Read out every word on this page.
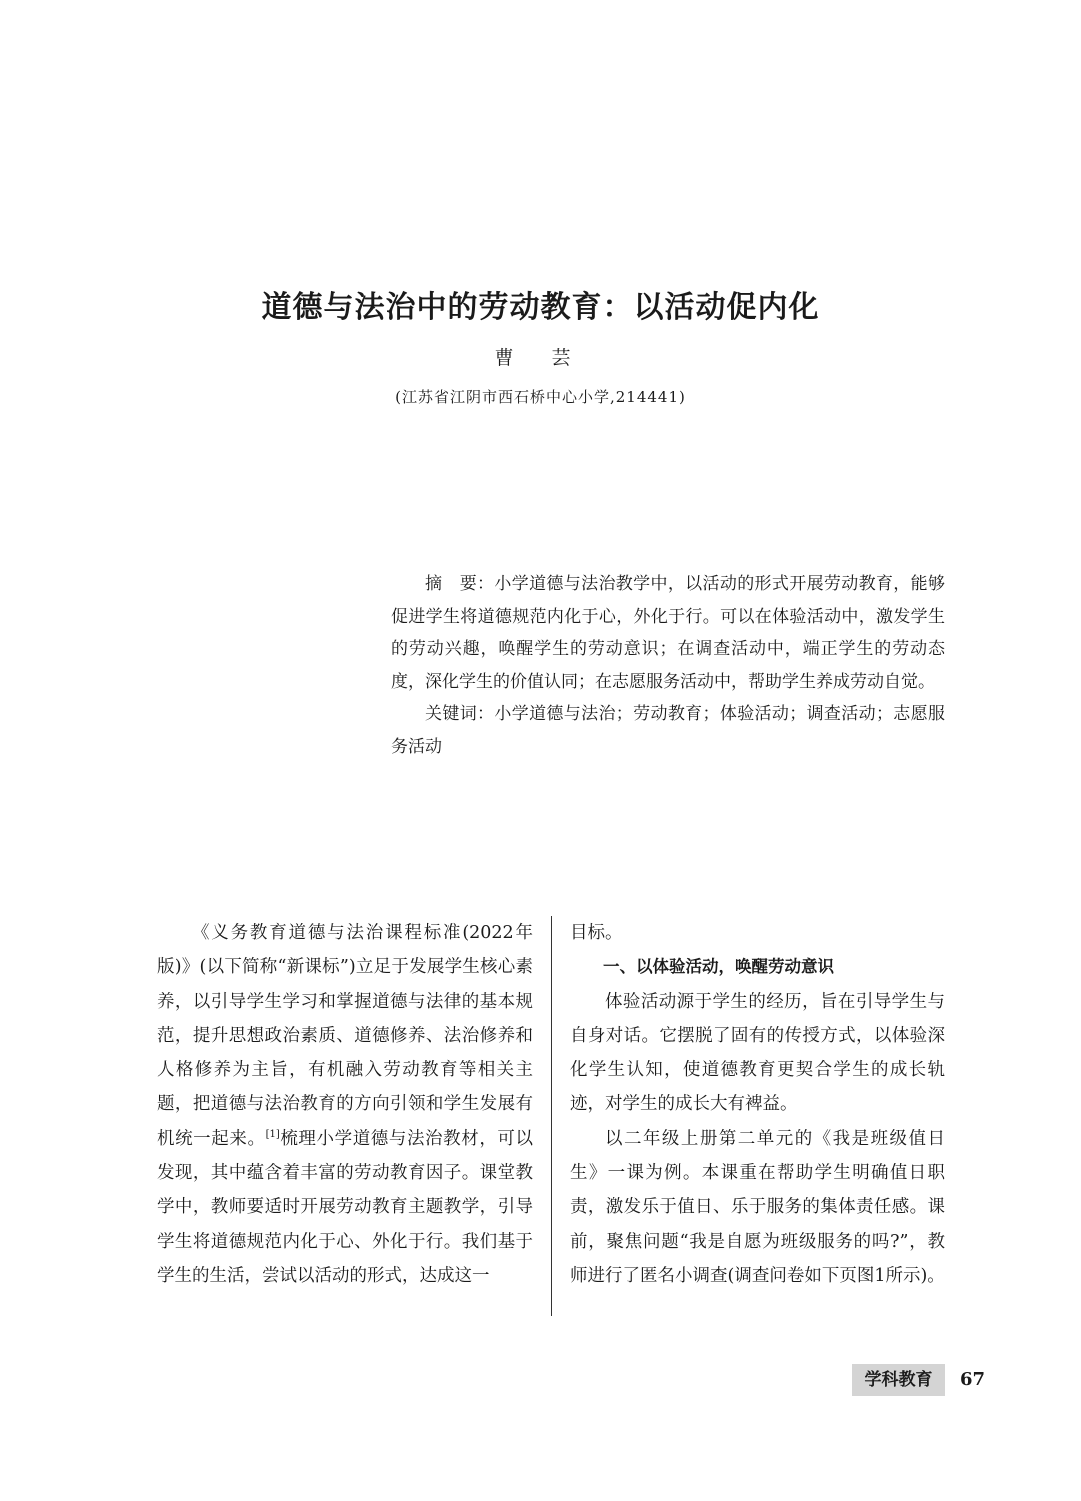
道德与法治中的劳动教育：以活动促内化
曹 芸
(江苏省江阴市西石桥中心小学,214441)

摘　要：小学道德与法治教学中，以活动的形式开展劳动教育，能够促进学生将道德规范内化于心，外化于行。可以在体验活动中，激发学生的劳动兴趣，唤醒学生的劳动意识；在调查活动中，端正学生的劳动态度，深化学生的价值认同；在志愿服务活动中，帮助学生养成劳动自觉。

关键词：小学道德与法治；劳动教育；体验活动；调查活动；志愿服务活动

《义务教育道德与法治课程标准(2022年版)》(以下简称“新课标”)立足于发展学生核心素养，以引导学生学习和掌握道德与法律的基本规范，提升思想政治素质、道德修养、法治修养和人格修养为主旨，有机融入劳动教育等相关主题，把道德与法治教育的方向引领和学生发展有机统一起来。[1]梳理小学道德与法治教材，可以发现，其中蕴含着丰富的劳动教育因子。课堂教学中，教师要适时开展劳动教育主题教学，引导学生将道德规范内化于心、外化于行。我们基于学生的生活，尝试以活动的形式，达成这一

目标。

一、以体验活动，唤醒劳动意识

体验活动源于学生的经历，旨在引导学生与自身对话。它摆脱了固有的传授方式，以体验深化学生认知，使道德教育更契合学生的成长轨迹，对学生的成长大有裨益。

以二年级上册第二单元的《我是班级值日生》一课为例。本课重在帮助学生明确值日职责，激发乐于值日、乐于服务的集体责任感。课前，聚焦问题“我是自愿为班级服务的吗?”，教师进行了匿名小调查(调查问卷如下页图1所示)。

学科教育	67
